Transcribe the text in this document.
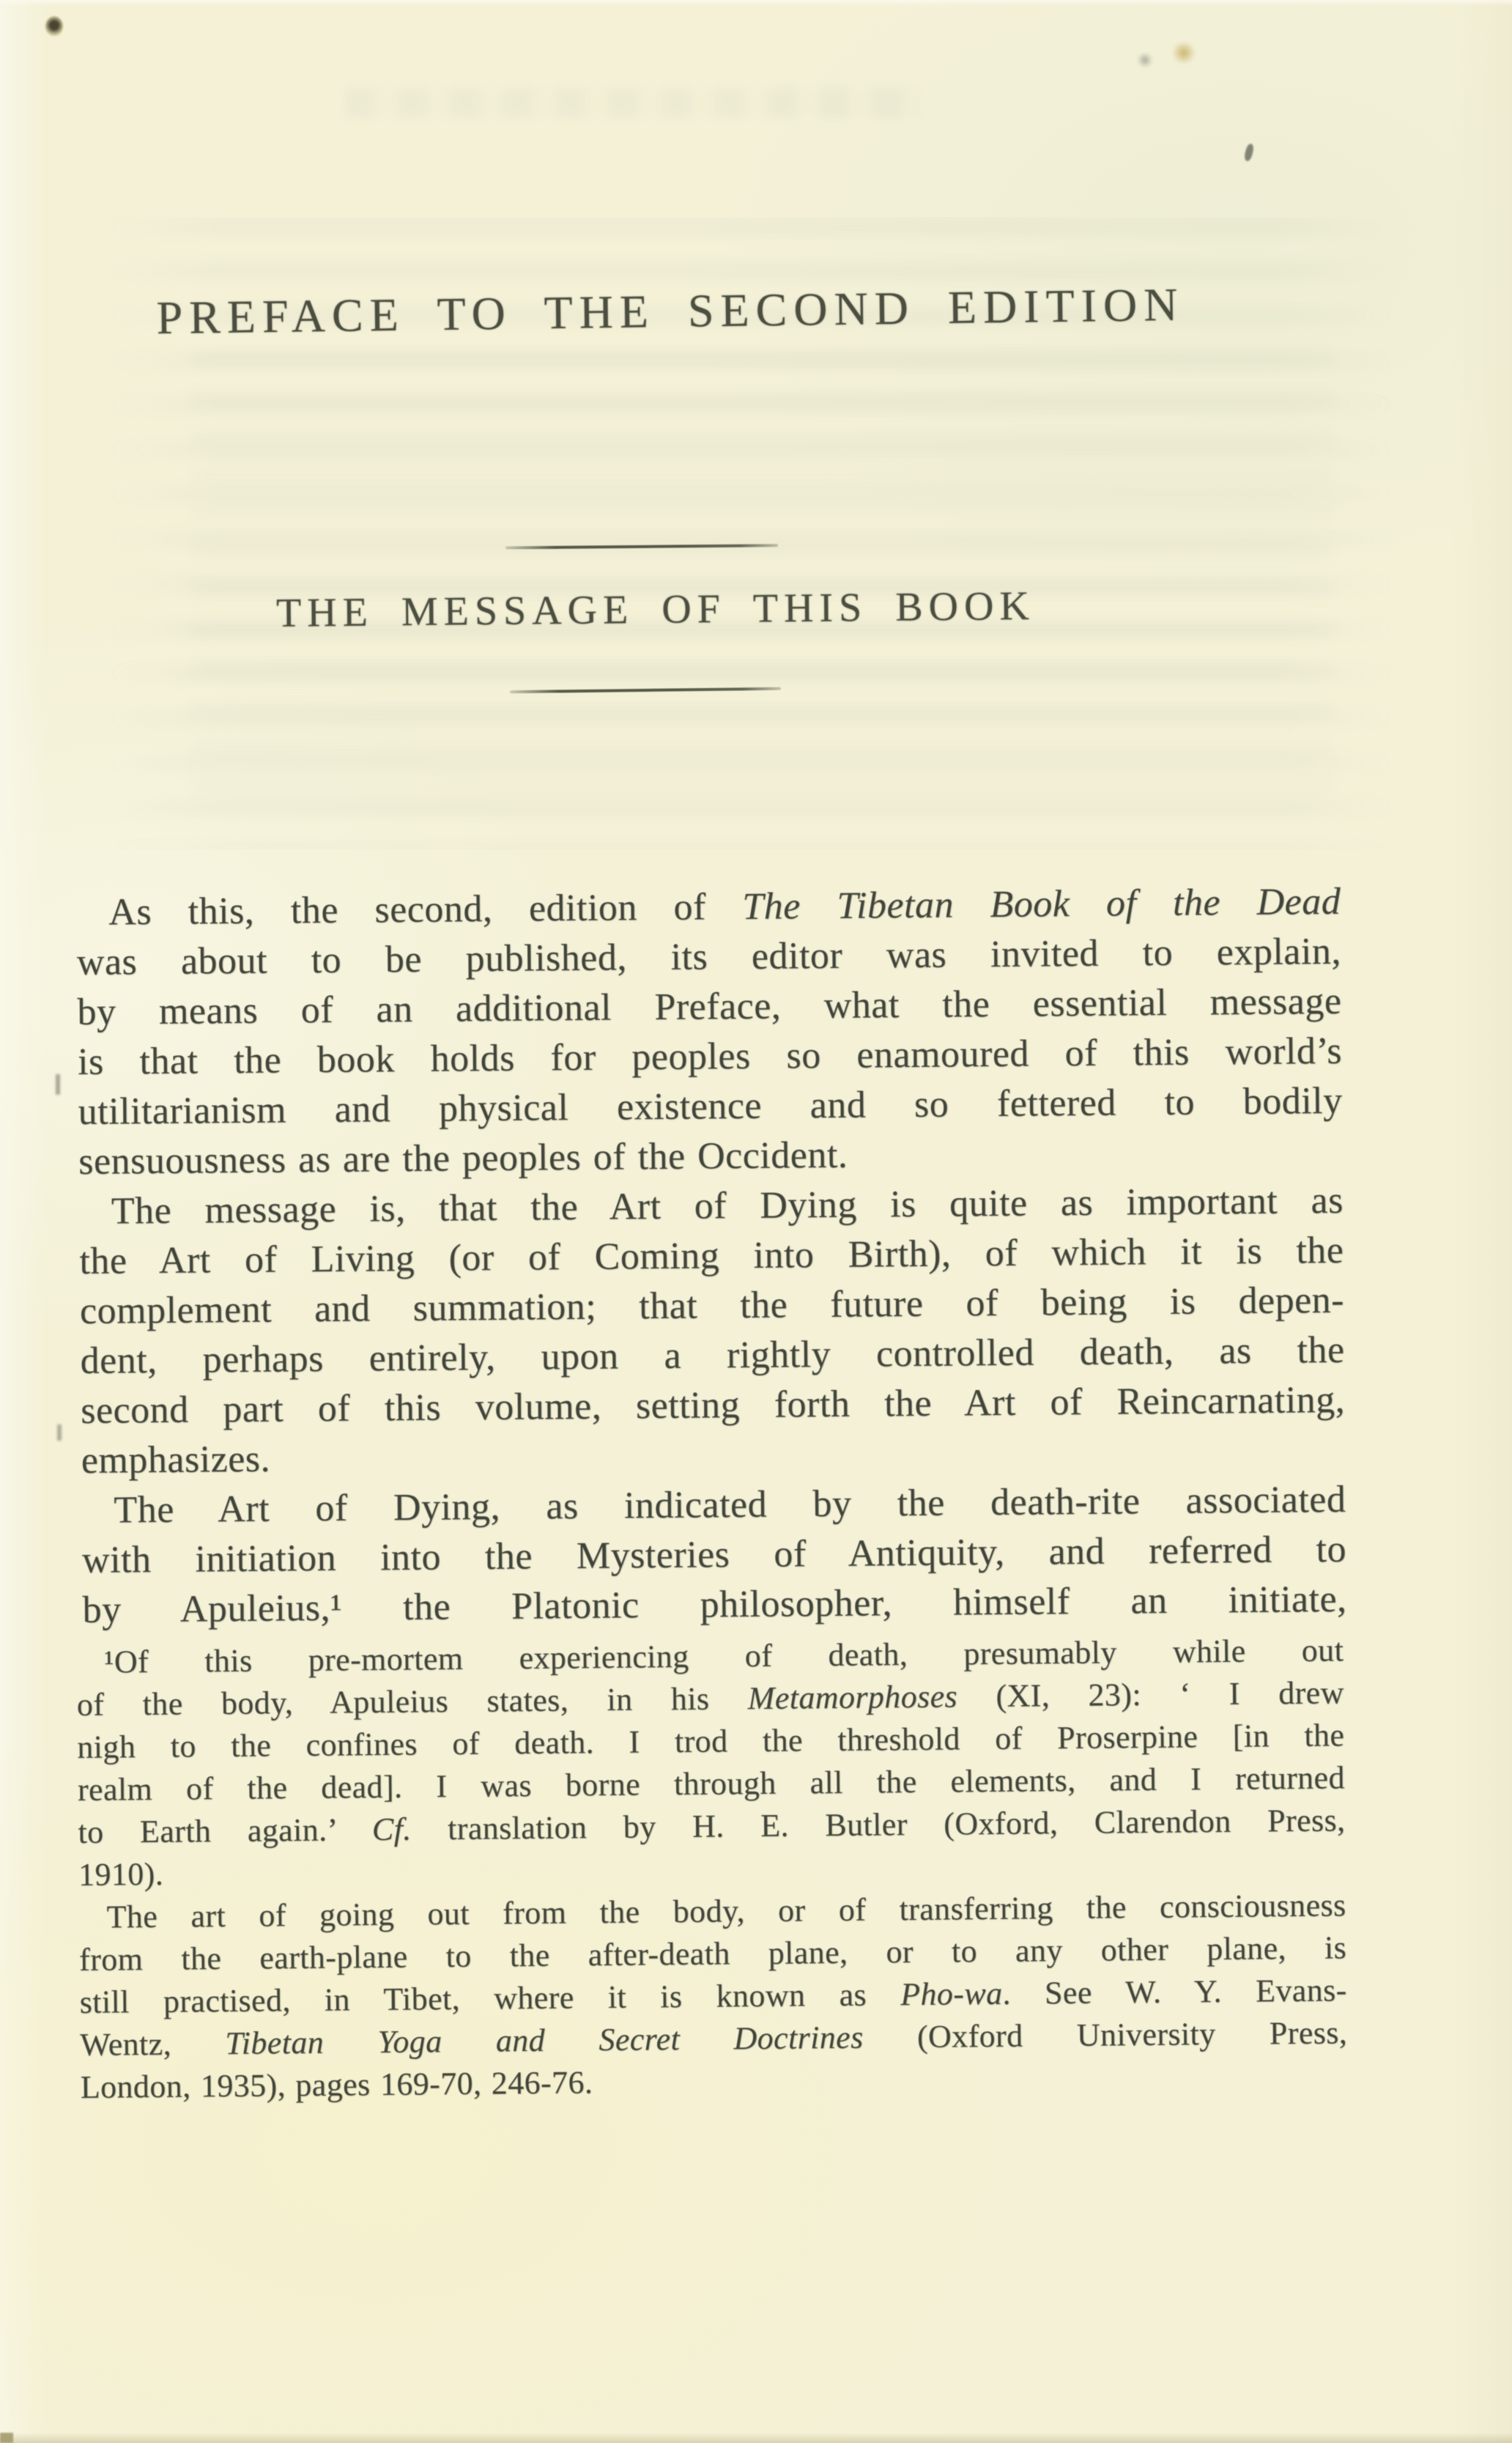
PREFACE TO THE SECOND EDITION
THE MESSAGE OF THIS BOOK
As this, the second, edition of The Tibetan Book of the Dead
was about to be published, its editor was invited to explain,
by means of an additional Preface, what the essential message
is that the book holds for peoples so enamoured of this world’s
utilitarianism and physical existence and so fettered to bodily
sensuousness as are the peoples of the Occident.
The message is, that the Art of Dying is quite as important as
the Art of Living (or of Coming into Birth), of which it is the
complement and summation; that the future of being is depen-
dent, perhaps entirely, upon a rightly controlled death, as the
second part of this volume, setting forth the Art of Reincarnating,
emphasizes.
The Art of Dying, as indicated by the death-rite associated
with initiation into the Mysteries of Antiquity, and referred to
by Apuleius,¹ the Platonic philosopher, himself an initiate,
¹Of this pre-mortem experiencing of death, presumably while out
of the body, Apuleius states, in his Metamorphoses (XI, 23): ‘ I drew
nigh to the confines of death. I trod the threshold of Proserpine [in the
realm of the dead]. I was borne through all the elements, and I returned
to Earth again.’ Cf. translation by H. E. Butler (Oxford, Clarendon Press,
1910).
The art of going out from the body, or of transferring the consciousness
from the earth-plane to the after-death plane, or to any other plane, is
still practised, in Tibet, where it is known as Pho-wa. See W. Y. Evans-
Wentz, Tibetan Yoga and Secret Doctrines (Oxford University Press,
London, 1935), pages 169-70, 246-76.
